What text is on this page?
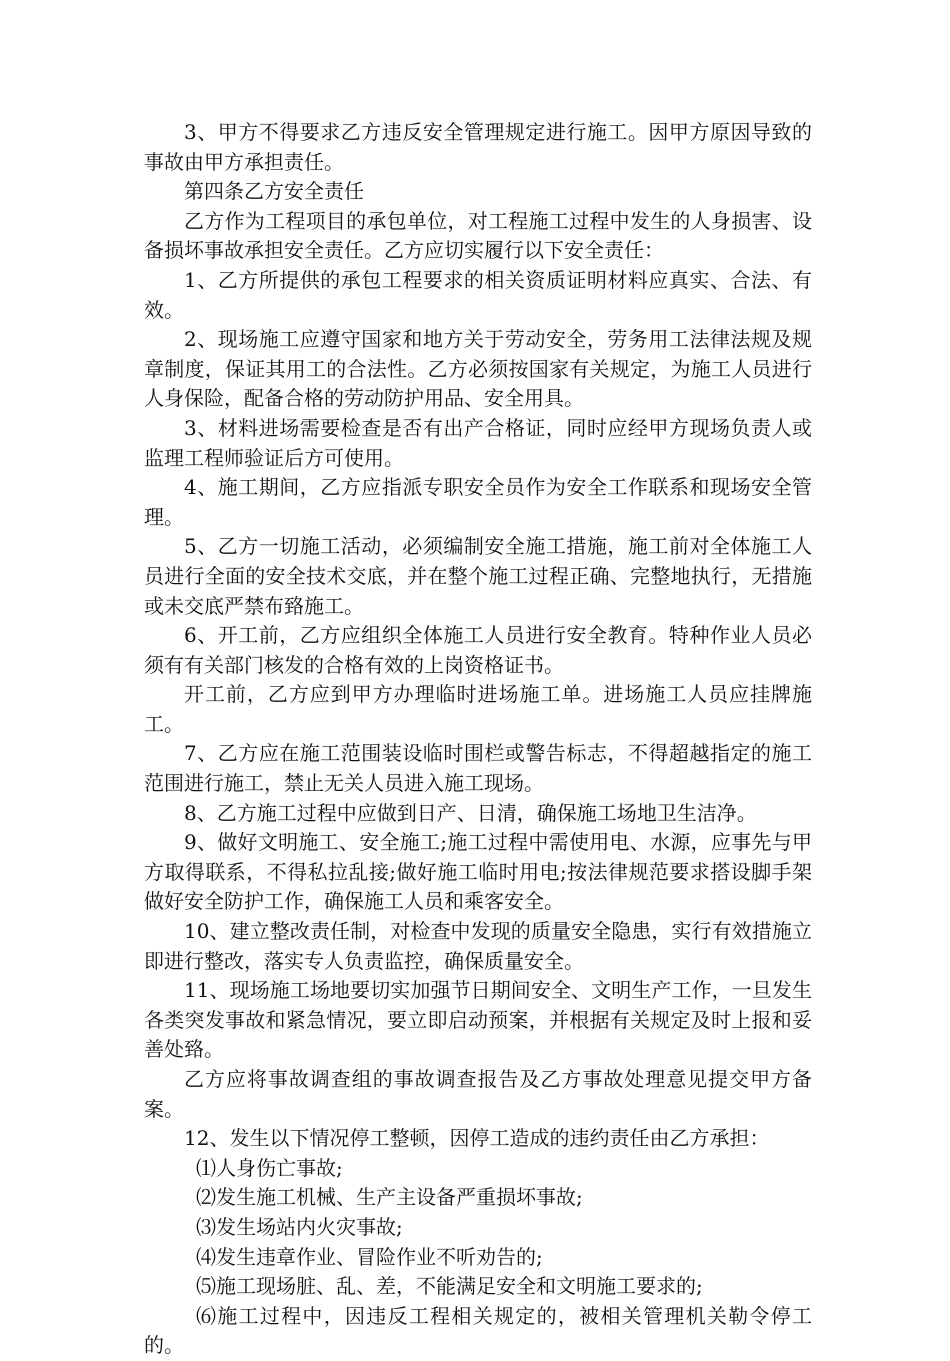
3、甲方不得要求乙方违反安全管理规定进行施工。因甲方原因导致的事故由甲方承担责任。

第四条乙方安全责任

乙方作为工程项目的承包单位，对工程施工过程中发生的人身损害、设备损坏事故承担安全责任。乙方应切实履行以下安全责任：

1、乙方所提供的承包工程要求的相关资质证明材料应真实、合法、有效。

2、现场施工应遵守国家和地方关于劳动安全，劳务用工法律法规及规章制度，保证其用工的合法性。乙方必须按国家有关规定，为施工人员进行人身保险，配备合格的劳动防护用品、安全用具。

3、材料进场需要检查是否有出产合格证，同时应经甲方现场负责人或监理工程师验证后方可使用。

4、施工期间，乙方应指派专职安全员作为安全工作联系和现场安全管理。

5、乙方一切施工活动，必须编制安全施工措施，施工前对全体施工人员进行全面的安全技术交底，并在整个施工过程正确、完整地执行，无措施或未交底严禁布臵施工。

6、开工前，乙方应组织全体施工人员进行安全教育。特种作业人员必须有有关部门核发的合格有效的上岗资格证书。

开工前，乙方应到甲方办理临时进场施工单。进场施工人员应挂牌施工。

7、乙方应在施工范围装设临时围栏或警告标志，不得超越指定的施工范围进行施工，禁止无关人员进入施工现场。

8、乙方施工过程中应做到日产、日清，确保施工场地卫生洁净。

9、做好文明施工、安全施工;施工过程中需使用电、水源，应事先与甲方取得联系，不得私拉乱接;做好施工临时用电;按法律规范要求搭设脚手架做好安全防护工作，确保施工人员和乘客安全。

10、建立整改责任制，对检查中发现的质量安全隐患，实行有效措施立即进行整改，落实专人负责监控，确保质量安全。

11、现场施工场地要切实加强节日期间安全、文明生产工作，一旦发生各类突发事故和紧急情况，要立即启动预案，并根据有关规定及时上报和妥善处臵。

乙方应将事故调查组的事故调查报告及乙方事故处理意见提交甲方备案。

12、发生以下情况停工整顿，因停工造成的违约责任由乙方承担：

⑴人身伤亡事故;

⑵发生施工机械、生产主设备严重损坏事故;

⑶发生场站内火灾事故;

⑷发生违章作业、冒险作业不听劝告的;

⑸施工现场脏、乱、差，不能满足安全和文明施工要求的;

⑹施工过程中，因违反工程相关规定的，被相关管理机关勒令停工的。
